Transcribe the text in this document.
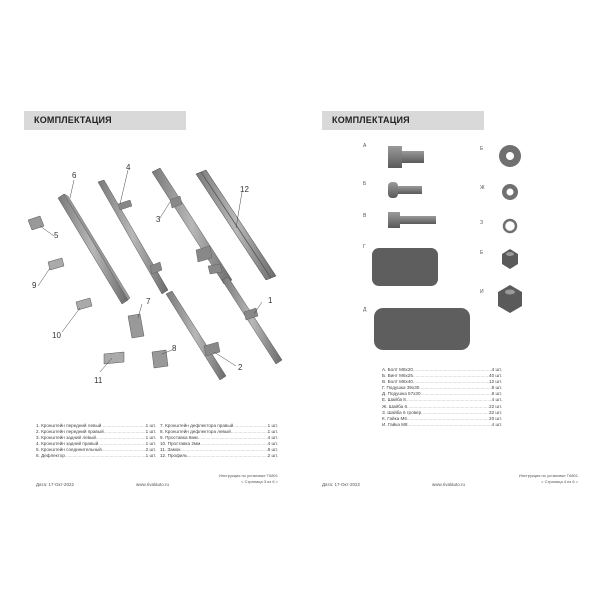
КОМПЛЕКТАЦИЯ
1
2
3
4
5
6
7
8
9
10
11
12
1. Кронштейн передний левый .....	1 шт.
2. Кронштейн передний правый .....	1 шт.
3. Кронштейн задний левый .....	1 шт.
4. Кронштейн задний правый .....	1 шт.
5. Кронштейн соединительный .....	2 шт.
6. Дефлектор .....	1 шт.
7. Кронштейн дефлектора правый .....	1 шт.
8. Кронштейн дефлектора левый .....	1 шт.
9. Проставка 6мм .....	4 шт.
10. Проставка 2мм .....	4 шт.
11. Замок .....	8 шт.
12. Профиль .....	2 шт.
Дата: 17-Окт-2022	www.rivalauto.ru
Инструкция по установке Т6801
< Страница 3 из 6 >
КОМПЛЕКТАЦИЯ
А
Б
В
Г
Д
Е
Ж
З
Е
И
А. Болт М8х20 .....	4 шт.
Б. Винт М6х25 .....	40 шт.
В. Болт М6х40 .....	12 шт.
Г. Подушка 39х30 .....	8 шт.
Д. Подушка 57х30 .....	8 шт.
Е. Шайба 8 .....	4 шт.
Ж. Шайба 6 .....	22 шт.
З. Шайба 6 гровер .....	32 шт.
К. Гайка М6 .....	20 шт.
И. Гайка М8 .....	4 шт.
Дата: 17-Окт-2022	www.rivalauto.ru
Инструкция по установке Т6801
< Страница 4 из 6 >
